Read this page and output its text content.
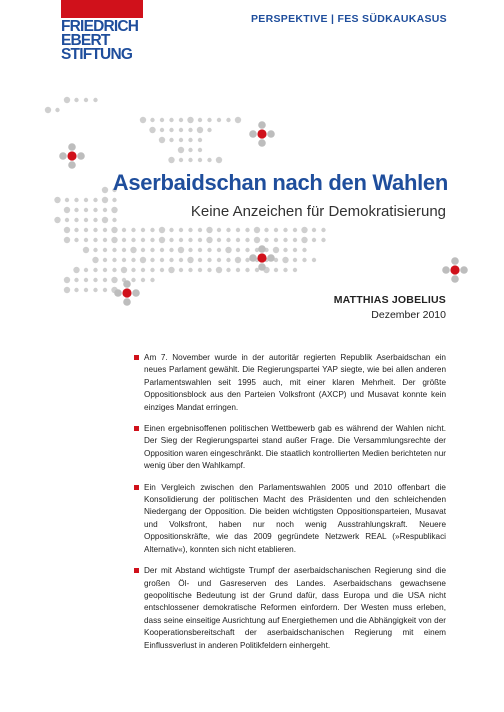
FRIEDRICH
EBERT
STIFTUNG
PERSPEKTIVE | FES SÜDKAUKASUS
Aserbaidschan nach den Wahlen
Keine Anzeichen für Demokratisierung
MATTHIAS JOBELIUS
Dezember 2010
Am 7. November wurde in der autoritär regierten Republik Aserbaidschan ein neues Parlament gewählt. Die Regierungspartei YAP siegte, wie bei allen anderen Parlamentswahlen seit 1995 auch, mit einer klaren Mehrheit. Der größte Oppositionsblock aus den Parteien Volksfront (AXCP) und Musavat konnte kein einziges Mandat erringen.
Einen ergebnisoffenen politischen Wettbewerb gab es während der Wahlen nicht. Der Sieg der Regierungspartei stand außer Frage. Die Versammlungsrechte der Opposition waren eingeschränkt. Die staatlich kontrollierten Medien berichteten nur wenig über den Wahlkampf.
Ein Vergleich zwischen den Parlamentswahlen 2005 und 2010 offenbart die Konsolidierung der politischen Macht des Präsidenten und den schleichenden Niedergang der Opposition. Die beiden wichtigsten Oppositionsparteien, Musavat und Volksfront, haben nur noch wenig Ausstrahlungskraft. Neuere Oppositionskräfte, wie das 2009 gegründete Netzwerk REAL (»Respublikaci Alternativ«), konnten sich nicht etablieren.
Der mit Abstand wichtigste Trumpf der aserbaidschanischen Regierung sind die großen Öl- und Gasreserven des Landes. Aserbaidschans gewachsene geopolitische Bedeutung ist der Grund dafür, dass Europa und die USA nicht entschlossener demokratische Reformen einfordern. Der Westen muss erleben, dass seine einseitige Ausrichtung auf Energiethemen und die Abhängigkeit von der Kooperationsbereitschaft der aserbaidschanischen Regierung mit einem Einflussverlust in anderen Politikfeldern einhergeht.
